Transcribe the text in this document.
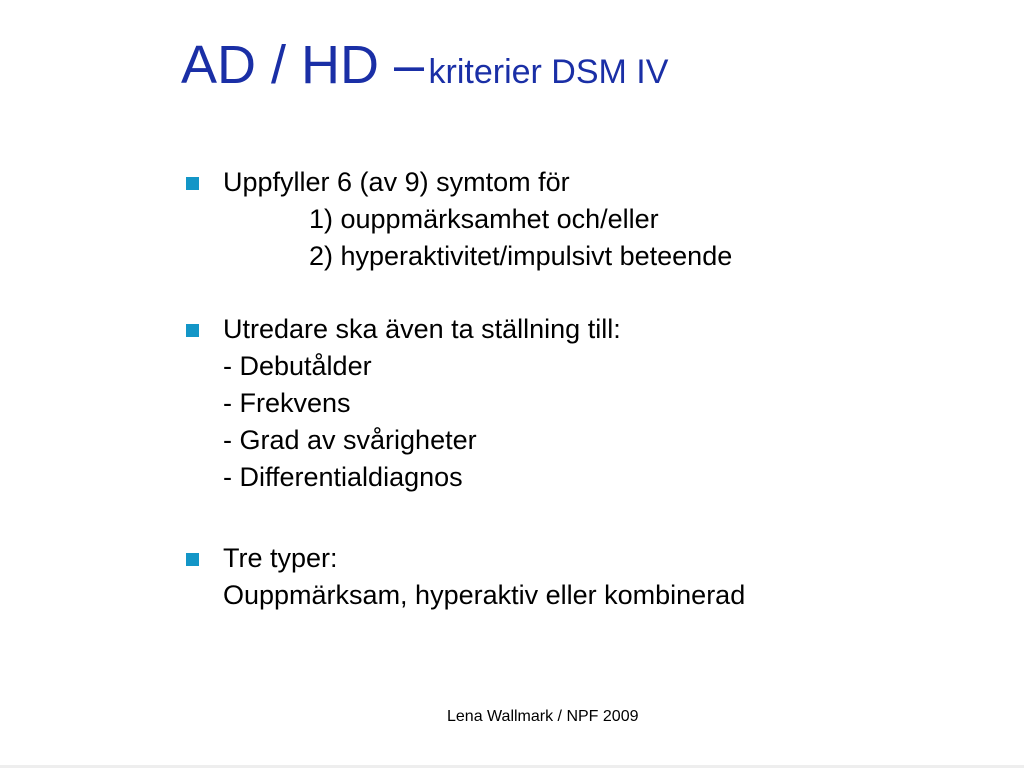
AD / HD – kriterier DSM IV
Uppfyller 6 (av 9) symtom för
1) ouppmärksamhet och/eller
2) hyperaktivitet/impulsivt beteende
Utredare ska även ta ställning till:
- Debutålder
- Frekvens
- Grad av svårigheter
- Differentialdiagnos
Tre typer:
Ouppmärksam, hyperaktiv eller kombinerad
Lena Wallmark / NPF 2009
